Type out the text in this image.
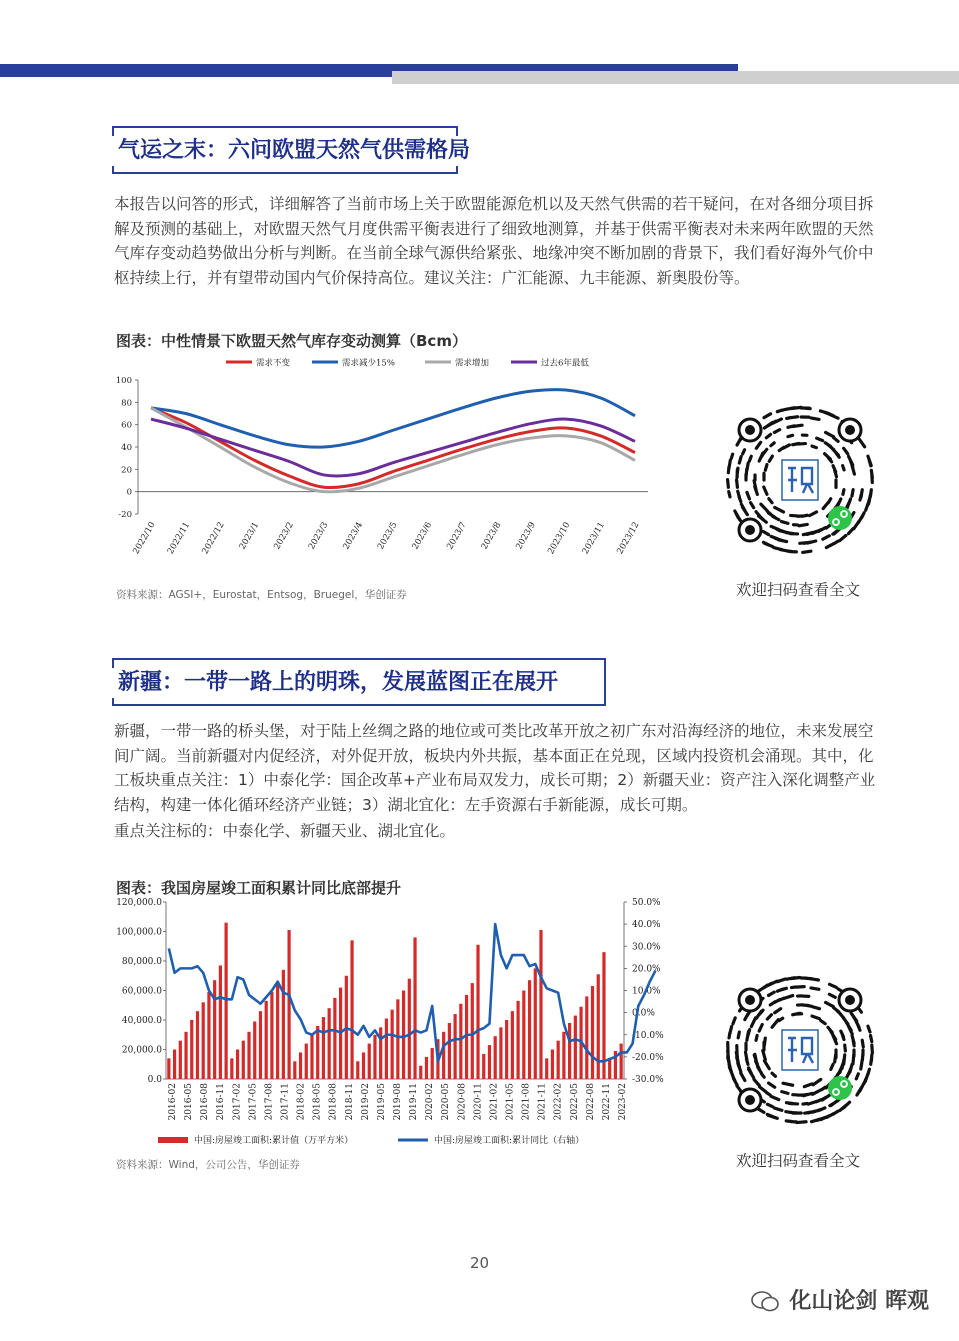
气运之末：六问欧盟天然气供需格局

本报告以问答的形式，详细解答了当前市场上关于欧盟能源危机以及天然气供需的若干疑问，在对各细分项目拆解及预测的基础上，对欧盟天然气月度供需平衡表进行了细致地测算，并基于供需平衡表对未来两年欧盟的天然气库存变动趋势做出分析与判断。在当前全球气源供给紧张、地缘冲突不断加剧的背景下，我们看好海外气价中枢持续上行，并有望带动国内气价保持高位。建议关注：广汇能源、九丰能源、新奥股份等。

图表：中性情景下欧盟天然气库存变动测算（Bcm）
需求不变	需求减少15%	需求增加	过去6年最低
-20
0
20
40
60
80
100
2022/10 2022/11 2022/12 2023/1 2023/2 2023/3 2023/4 2023/5 2023/6 2023/7 2023/8 2023/9 2023/10 2023/11 2023/12
资料来源：AGSI+，Eurostat，Entsog，Bruegel，华创证券	欢迎扫码查看全文
新疆：一带一路上的明珠，发展蓝图正在展开

新疆，一带一路的桥头堡，对于陆上丝绸之路的地位或可类比改革开放之初广东对沿海经济的地位，未来发展空间广阔。当前新疆对内促经济，对外促开放，板块内外共振，基本面正在兑现，区域内投资机会涌现。其中，化工板块重点关注：1）中泰化学：国企改革+产业布局双发力，成长可期；2）新疆天业：资产注入深化调整产业结构，构建一体化循环经济产业链；3）湖北宜化：左手资源右手新能源，成长可期。

重点关注标的：中泰化学、新疆天业、湖北宜化。

图表：我国房屋竣工面积累计同比底部提升
0.0
20,000.0
40,000.0
60,000.0
80,000.0
100,000.0
120,000.0
-30.0%
-20.0%
-10.0%
0.0%
10.0%
20.0%
30.0%
40.0%
50.0%
2016-02 2016-05 2016-08 2016-11 2017-02 2017-05 2017-08 2017-11 2018-02 2018-05 2018-08 2018-11 2019-02 2019-05 2019-08 2019-11 2020-02 2020-05 2020-08 2020-11 2021-02 2021-05 2021-08 2021-11 2022-02 2022-05 2022-08 2022-11 2023-02
中国:房屋竣工面积:累计值（万平方米）	中国:房屋竣工面积:累计同比（右轴）
资料来源：Wind，公司公告，华创证券	欢迎扫码查看全文
20
化山论剑 晖观
